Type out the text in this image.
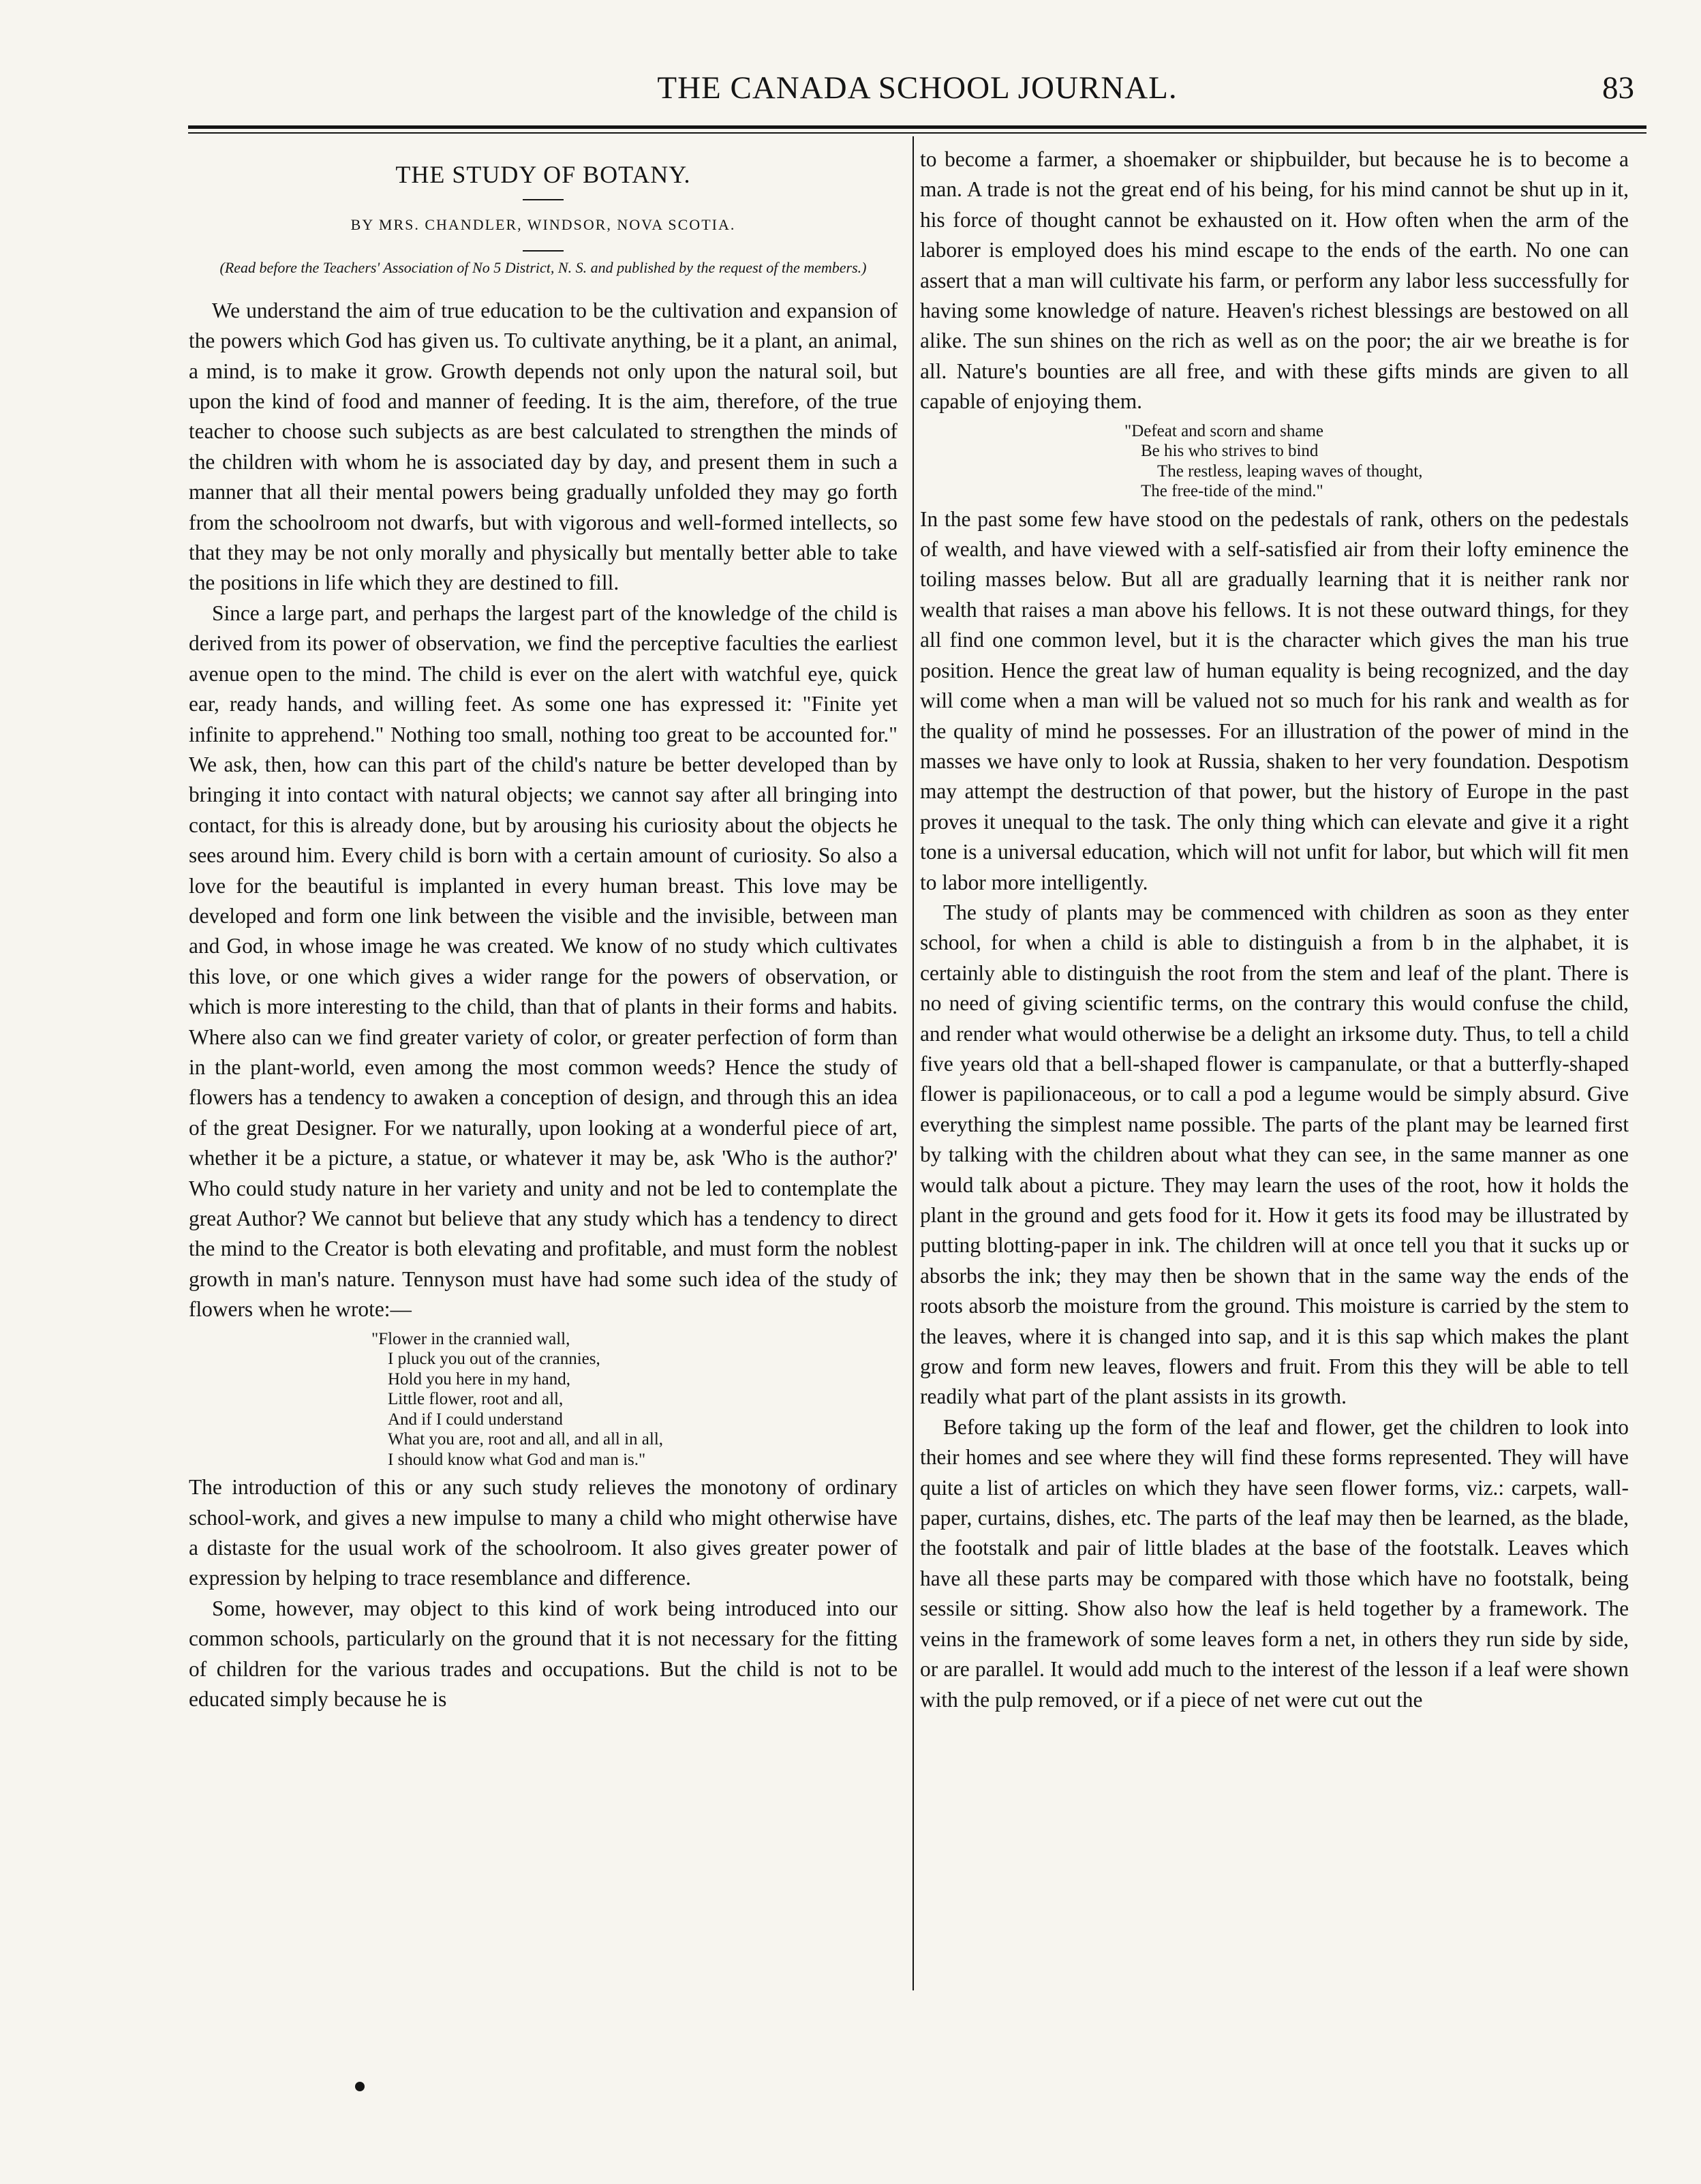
THE CANADA SCHOOL JOURNAL.	83
THE STUDY OF BOTANY.
BY MRS. CHANDLER, WINDSOR, NOVA SCOTIA.
(Read before the Teachers' Association of No 5 District, N. S. and published by the request of the members.)

We understand the aim of true education to be the cultivation and expansion of the powers which God has given us. To cultivate anything, be it a plant, an animal, a mind, is to make it grow. Growth depends not only upon the natural soil, but upon the kind of food and manner of feeding. It is the aim, therefore, of the true teacher to choose such subjects as are best calculated to strengthen the minds of the children with whom he is associated day by day, and present them in such a manner that all their mental powers being gradually unfolded they may go forth from the schoolroom not dwarfs, but with vigorous and well-formed intellects, so that they may be not only morally and physically but mentally better able to take the positions in life which they are destined to fill.

Since a large part, and perhaps the largest part of the knowledge of the child is derived from its power of observation, we find the perceptive faculties the earliest avenue open to the mind. The child is ever on the alert with watchful eye, quick ear, ready hands, and willing feet. As some one has expressed it: "Finite yet infinite to apprehend." Nothing too small, nothing too great to be accounted for." We ask, then, how can this part of the child's nature be better developed than by bringing it into contact with natural objects; we cannot say after all bringing into contact, for this is already done, but by arousing his curiosity about the objects he sees around him. Every child is born with a certain amount of curiosity. So also a love for the beautiful is implanted in every human breast. This love may be developed and form one link between the visible and the invisible, between man and God, in whose image he was created. We know of no study which cultivates this love, or one which gives a wider range for the powers of observation, or which is more interesting to the child, than that of plants in their forms and habits. Where also can we find greater variety of color, or greater perfection of form than in the plant-world, even among the most common weeds? Hence the study of flowers has a tendency to awaken a conception of design, and through this an idea of the great Designer. For we naturally, upon looking at a wonderful piece of art, whether it be a picture, a statue, or whatever it may be, ask 'Who is the author?' Who could study nature in her variety and unity and not be led to contemplate the great Author? We cannot but believe that any study which has a tendency to direct the mind to the Creator is both elevating and profitable, and must form the noblest growth in man's nature. Tennyson must have had some such idea of the study of flowers when he wrote:—

"Flower in the crannied wall,
I pluck you out of the crannies,
Hold you here in my hand,
Little flower, root and all,
And if I could understand
What you are, root and all, and all in all,
I should know what God and man is."

The introduction of this or any such study relieves the monotony of ordinary school-work, and gives a new impulse to many a child who might otherwise have a distaste for the usual work of the schoolroom. It also gives greater power of expression by helping to trace resemblance and difference.

Some, however, may object to this kind of work being introduced into our common schools, particularly on the ground that it is not necessary for the fitting of children for the various trades and occupations. But the child is not to be educated simply because he is

to become a farmer, a shoemaker or shipbuilder, but because he is to become a man. A trade is not the great end of his being, for his mind cannot be shut up in it, his force of thought cannot be exhausted on it. How often when the arm of the laborer is employed does his mind escape to the ends of the earth. No one can assert that a man will cultivate his farm, or perform any labor less successfully for having some knowledge of nature. Heaven's richest blessings are bestowed on all alike. The sun shines on the rich as well as on the poor; the air we breathe is for all. Nature's bounties are all free, and with these gifts minds are given to all capable of enjoying them.

"Defeat and scorn and shame
Be his who strives to bind
The restless, leaping waves of thought,
The free-tide of the mind."

In the past some few have stood on the pedestals of rank, others on the pedestals of wealth, and have viewed with a self-satisfied air from their lofty eminence the toiling masses below. But all are gradually learning that it is neither rank nor wealth that raises a man above his fellows. It is not these outward things, for they all find one common level, but it is the character which gives the man his true position. Hence the great law of human equality is being recognized, and the day will come when a man will be valued not so much for his rank and wealth as for the quality of mind he possesses. For an illustration of the power of mind in the masses we have only to look at Russia, shaken to her very foundation. Despotism may attempt the destruction of that power, but the history of Europe in the past proves it unequal to the task. The only thing which can elevate and give it a right tone is a universal education, which will not unfit for labor, but which will fit men to labor more intelligently.

The study of plants may be commenced with children as soon as they enter school, for when a child is able to distinguish a from b in the alphabet, it is certainly able to distinguish the root from the stem and leaf of the plant. There is no need of giving scientific terms, on the contrary this would confuse the child, and render what would otherwise be a delight an irksome duty. Thus, to tell a child five years old that a bell-shaped flower is campanulate, or that a butterfly-shaped flower is papilionaceous, or to call a pod a legume would be simply absurd. Give everything the simplest name possible. The parts of the plant may be learned first by talking with the children about what they can see, in the same manner as one would talk about a picture. They may learn the uses of the root, how it holds the plant in the ground and gets food for it. How it gets its food may be illustrated by putting blotting-paper in ink. The children will at once tell you that it sucks up or absorbs the ink; they may then be shown that in the same way the ends of the roots absorb the moisture from the ground. This moisture is carried by the stem to the leaves, where it is changed into sap, and it is this sap which makes the plant grow and form new leaves, flowers and fruit. From this they will be able to tell readily what part of the plant assists in its growth.

Before taking up the form of the leaf and flower, get the children to look into their homes and see where they will find these forms represented. They will have quite a list of articles on which they have seen flower forms, viz.: carpets, wall-paper, curtains, dishes, etc. The parts of the leaf may then be learned, as the blade, the footstalk and pair of little blades at the base of the footstalk. Leaves which have all these parts may be compared with those which have no footstalk, being sessile or sitting. Show also how the leaf is held together by a framework. The veins in the framework of some leaves form a net, in others they run side by side, or are parallel. It would add much to the interest of the lesson if a leaf were shown with the pulp removed, or if a piece of net were cut out the
